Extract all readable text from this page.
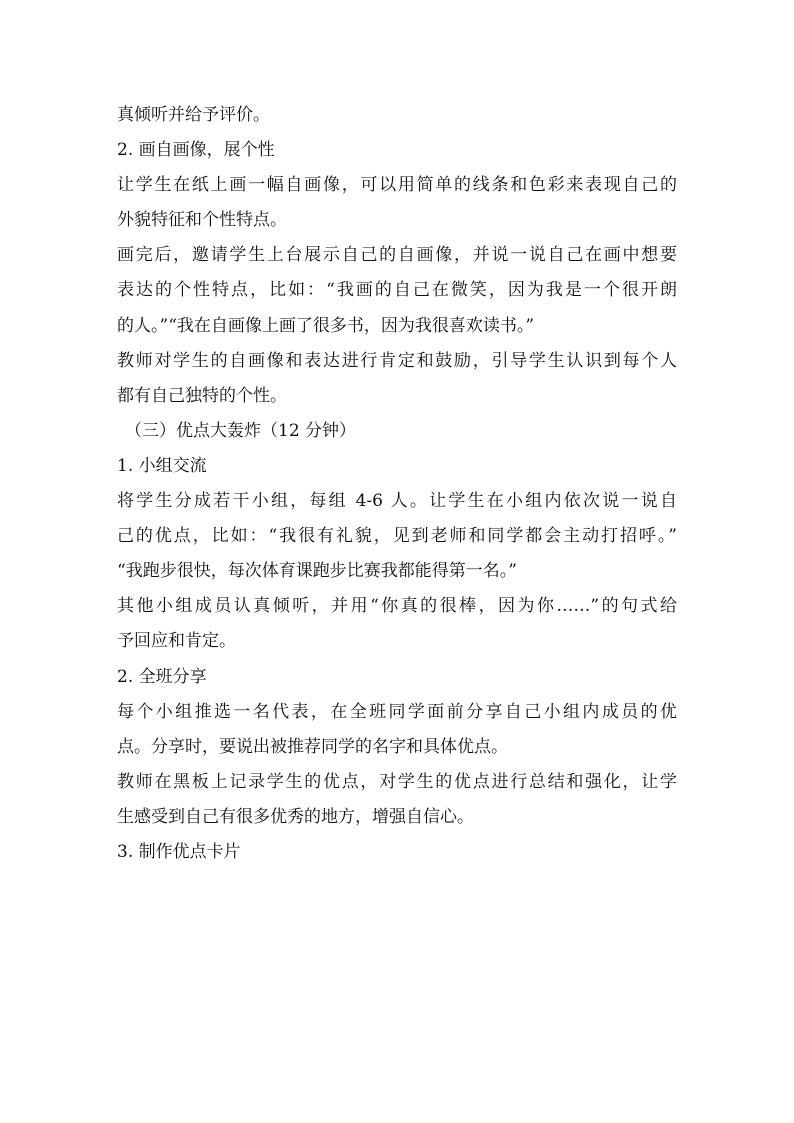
真倾听并给予评价。
2. 画自画像，展个性
让学生在纸上画一幅自画像，可以用简单的线条和色彩来表现自己的
外貌特征和个性特点。
画完后，邀请学生上台展示自己的自画像，并说一说自己在画中想要
表达的个性特点，比如：“我画的自己在微笑，因为我是一个很开朗
的人。”“我在自画像上画了很多书，因为我很喜欢读书。”
教师对学生的自画像和表达进行肯定和鼓励，引导学生认识到每个人
都有自己独特的个性。
（三）优点大轰炸（12 分钟）
1. 小组交流
将学生分成若干小组，每组 4-6 人。让学生在小组内依次说一说自
己的优点，比如：“我很有礼貌，见到老师和同学都会主动打招呼。”
“我跑步很快，每次体育课跑步比赛我都能得第一名。”
其他小组成员认真倾听，并用“你真的很棒，因为你……”的句式给
予回应和肯定。
2. 全班分享
每个小组推选一名代表，在全班同学面前分享自己小组内成员的优
点。分享时，要说出被推荐同学的名字和具体优点。
教师在黑板上记录学生的优点，对学生的优点进行总结和强化，让学
生感受到自己有很多优秀的地方，增强自信心。
3. 制作优点卡片
